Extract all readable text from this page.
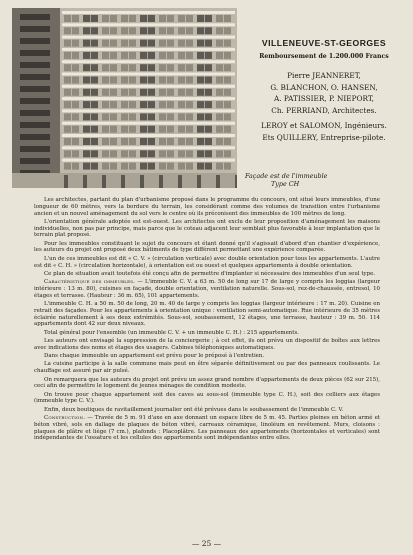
VILLENEUVE-ST-GEORGES
Remboursement de 1.200.000 Francs
Pierre JEANNERET,
G. BLANCHON, O. HANSEN,
A. PATISSIER, P. NIEPORT,
Ch. PERRIAND, Architectes.
LEROY et SALOMON, Ingénieurs.
Ets QUILLERY, Entreprise-pilote.
Façade est de l'immeuble
Type CH

Les architectes, partant du plan d'urbanisme proposé dans le programme du concours, ont situé leurs immeubles, d'une longueur de 60 mètres, vers la bordure du terrain, les considérant comme des volumes de transition entre l'urbanisme ancien et un nouvel aménagement du sol vers le centre où ils préconisent des immeubles de 100 mètres de long.

L'orientation générale adoptée est est-ouest. Les architectes ont exclu de leur proposition d'aménagement les maisons individuelles, non pas par principe, mais parce que le coteau adjacent leur semblait plus favorable à leur implantation que le terrain plat proposé.

Pour les immeubles constituant le sujet du concours et étant donné qu'il s'agissait d'abord d'un chantier d'expérience, les auteurs du projet ont proposé deux bâtiments de type différent permettant une expérience comparée.

L'un de ces immeubles est dit « C. V. » (circulation verticale) avec double orientation pour tous les appartements. L'autre est dit « C. H. » (circulation horizontale), à orientation est ou ouest et quelques appartements à double orientation.

Ce plan de situation avait toutefois été conçu afin de permettre d'implanter si nécessaire des immeubles d'un seul type.

Caractéristique des immeubles. — L'immeuble C. V. a 63 m. 50 de long sur 17 de large y compris les loggias (largeur intérieure : 13 m. 80), cuisines en façade, double orientation, ventilation naturelle. Sous-sol, rez-de-chaussée, entresol, 10 étages et terrasse. (Hauteur : 36 m. 65), 101 appartements.

L'immeuble C. H. a 50 m. 50 de long, 20 m. 40 de large y compris les loggias (largeur intérieure : 17 m. 20). Cuisine en retrait des façades. Pour les appartements à orientation unique : ventilation semi-automatique. Rue intérieure de 35 mètres éclairée naturellement à ses deux extrémités. Sous-sol, soubassement, 12 étages, une terrasse, hauteur : 39 m. 50. 114 appartements dont 42 sur deux niveaux.

Total général pour l'ensemble (un immeuble C. V. + un immeuble C. H.) : 215 appartements.

Les auteurs ont envisagé la suppression de la conciergerie ; à cet effet, ils ont prévu un dispositif de boîtes aux lettres avec indications des noms et étages des usagers. Cabines téléphoniques automatiques.

Dans chaque immeuble un appartement est prévu pour le préposé à l'entretien.

La cuisine participe à la salle commune mais peut en être séparée définitivement ou par des panneaux coulissants. Le chauffage est assuré par air pulsé.

On remarquera que les auteurs du projet ont prévu un assez grand nombre d'appartements de deux pièces (62 sur 215), ceci afin de permettre le logement de jeunes ménages de condition modeste.

On trouve pour chaque appartement soit des caves au sous-sol (immeuble type C. H.), soit des celliers aux étages (immeuble type C. V.).

Enfin, deux boutiques de ravitaillement journalier ont été prévues dans le soubassement de l'immeuble C. V.

Construction. — Travée de 5 m. 91 d'axe en axe donnant un espace libre de 5 m. 45. Parties pleines en béton armé et béton vibré, sols en dallage de plaques de béton vibré, carreaux céramique, linoléum en revêtement. Murs, cloisons : plaques de plâtre et liège (7 cm.), plafonds : Placoplâtre. Les panneaux des appartements (horizontales et verticales) sont indépendantes de l'ossature et les cellules des appartements sont indépendantes entre elles.

— 25 —
